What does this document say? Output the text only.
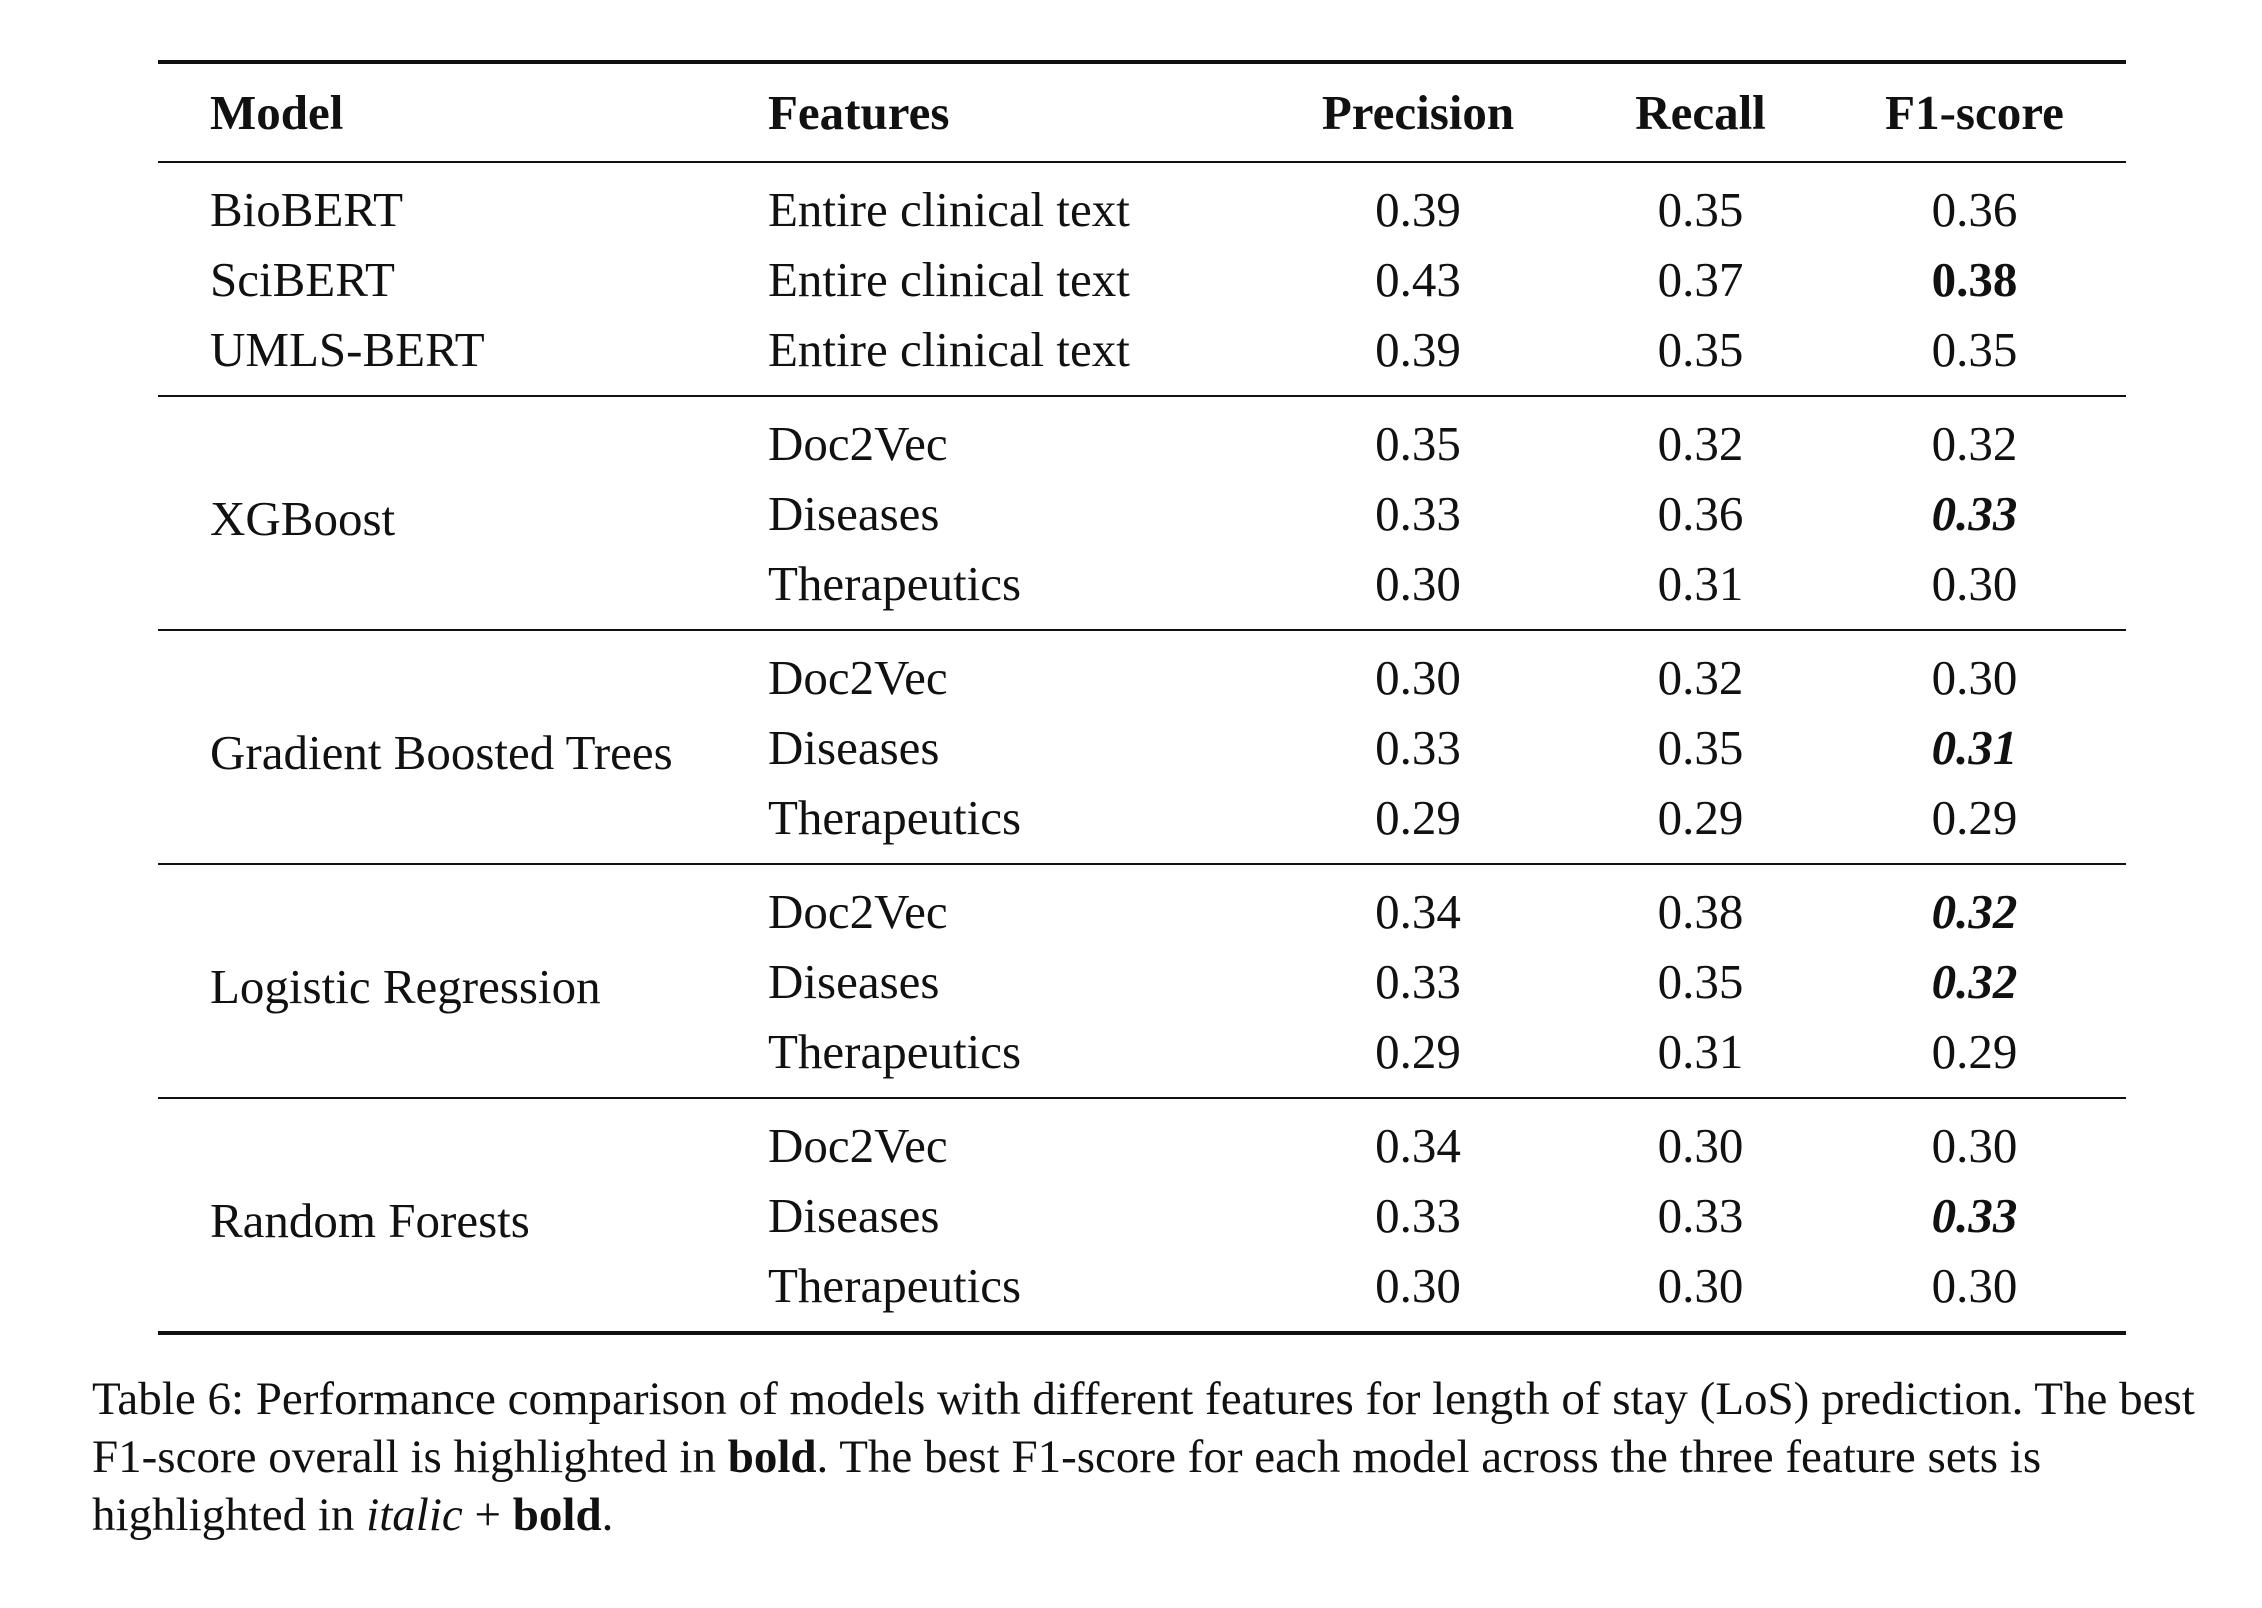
Model	Features	Precision	Recall	F1-score
BioBERT	Entire clinical text	0.39	0.35	0.36
SciBERT	Entire clinical text	0.43	0.37	0.38
UMLS-BERT	Entire clinical text	0.39	0.35	0.35
XGBoost	Doc2Vec	0.35	0.32	0.32
	Diseases	0.33	0.36	0.33
	Therapeutics	0.30	0.31	0.30
Gradient Boosted Trees	Doc2Vec	0.30	0.32	0.30
	Diseases	0.33	0.35	0.31
	Therapeutics	0.29	0.29	0.29
Logistic Regression	Doc2Vec	0.34	0.38	0.32
	Diseases	0.33	0.35	0.32
	Therapeutics	0.29	0.31	0.29
Random Forests	Doc2Vec	0.34	0.30	0.30
	Diseases	0.33	0.33	0.33
	Therapeutics	0.30	0.30	0.30
Table 6: Performance comparison of models with different features for length of stay (LoS) prediction. The best F1-score overall is highlighted in bold. The best F1-score for each model across the three feature sets is highlighted in italic + bold.
